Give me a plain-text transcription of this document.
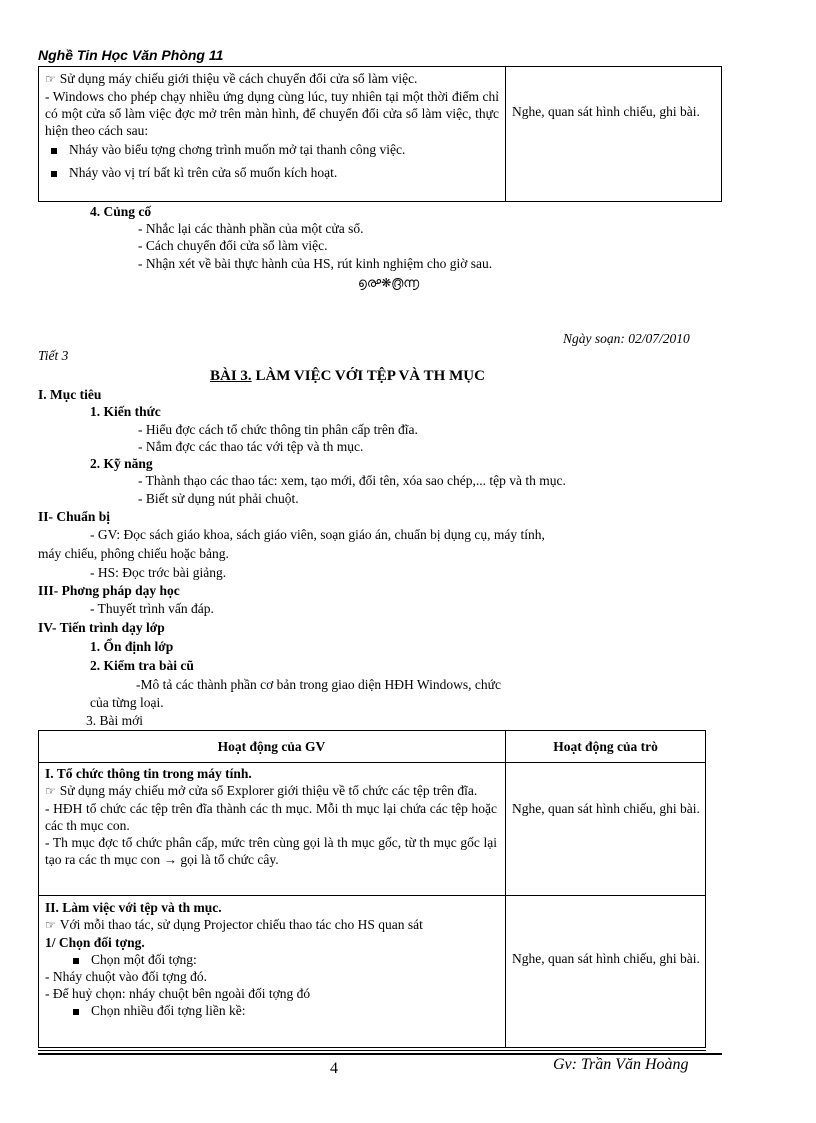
Nghề Tin Học Văn Phòng 11
☞ Sử dụng máy chiếu giới thiệu về cách chuyển đổi cửa sổ làm việc.
- Windows cho phép chạy nhiều ứng dụng cùng lúc, tuy nhiên tại một thời điểm chỉ có một cửa sổ làm việc đợc mở trên màn hình, để chuyển đổi cửa sổ làm việc, thực hiện theo cách sau:
Nháy vào biểu tợng chơng trình muốn mở tại thanh công việc.
Nháy vào vị trí bất kì trên cửa sổ muốn kích hoạt.
Nghe, quan sát hình chiếu, ghi bài.
4. Củng cố
- Nhắc lại các thành phần của một cửa sổ.
- Cách chuyển đổi cửa sổ làm việc.
- Nhận xét về bài thực hành của HS, rút kinh nghiệm cho giờ sau.
൭൙❋൫൬
Ngày soạn: 02/07/2010
Tiết 3
BÀI 3. LÀM VIỆC VỚI TỆP VÀ TH MỤC
I. Mục tiêu
1. Kiến thức
- Hiểu đợc cách tổ chức thông tin phân cấp trên đĩa.
- Nắm đợc các thao tác với tệp và th mục.
2. Kỹ năng
- Thành thạo các thao tác: xem, tạo mới, đổi tên, xóa sao chép,... tệp và th mục.
- Biết sử dụng nút phải chuột.
II- Chuẩn bị
- GV: Đọc sách giáo khoa, sách giáo viên, soạn giáo án, chuẩn bị dụng cụ, máy tính,
máy chiếu, phông chiếu hoặc bảng.
- HS: Đọc trớc bài giảng.
III- Phơng pháp dạy học
- Thuyết trình vấn đáp.
IV- Tiến trình dạy lớp
1. Ổn định lớp
2. Kiểm tra bài cũ
-Mô tả các thành phần cơ bản trong giao diện HĐH Windows, chức
của từng loại.
3. Bài mới
Hoạt động của GV	Hoạt động của trò
I. Tổ chức thông tin trong máy tính.
☞ Sử dụng máy chiếu mở cửa sổ Explorer giới thiệu về tổ chức các tệp trên đĩa.
- HĐH tổ chức các tệp trên đĩa thành các th mục. Mỗi th mục lại chứa các tệp hoặc các th mục con.
- Th mục đợc tổ chức phân cấp, mức trên cùng gọi là th mục gốc, từ th mục gốc lại tạo ra các th mục con → gọi là tổ chức cây.
Nghe, quan sát hình chiếu, ghi bài.
II. Làm việc với tệp và th mục.
☞ Với mỗi thao tác, sử dụng Projector chiếu thao tác cho HS quan sát
1/ Chọn đối tợng.
Chọn một đối tợng:
- Nháy chuột vào đối tợng đó.
- Để huỷ chọn: nháy chuột bên ngoài đối tợng đó
Chọn nhiều đối tợng liền kề:
Nghe, quan sát hình chiếu, ghi bài.
4	Gv: Trần Văn Hoàng
